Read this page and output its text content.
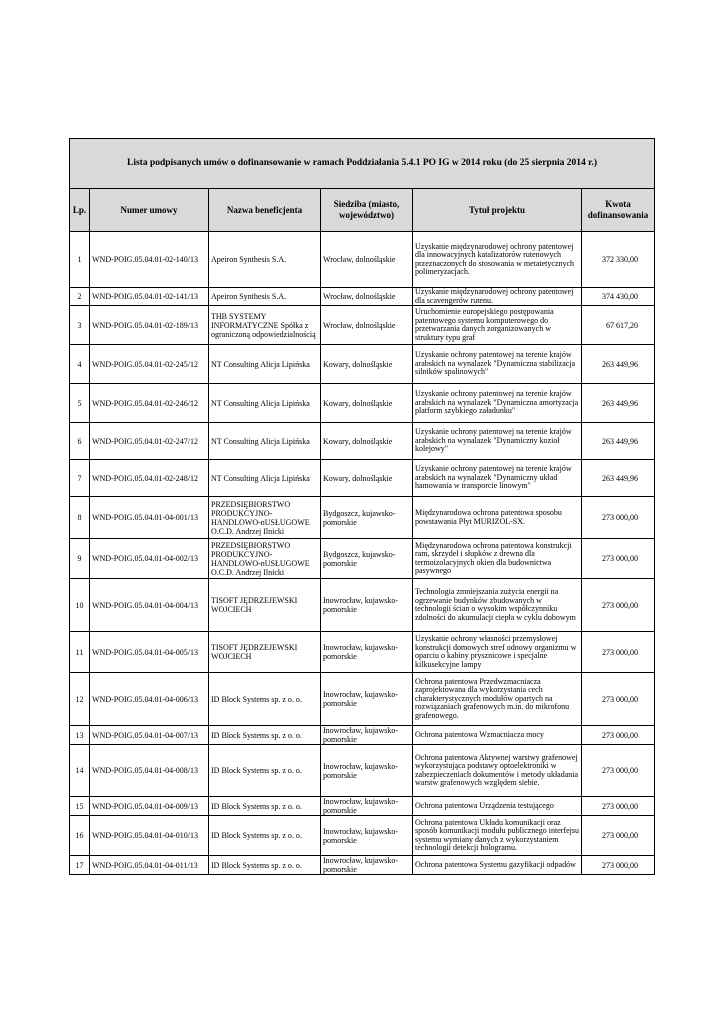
Lista podpisanych umów o dofinansowanie w ramach Poddziałania 5.4.1 PO IG w 2014 roku (do 25 sierpnia 2014 r.)					
Lp.	Numer umowy	Nazwa beneficjenta	Siedziba (miasto, województwo)	Tytuł projektu	Kwota dofinansowania
1	WND-POIG.05.04.01-02-140/13	Apeiron Synthesis S.A.	Wrocław, dolnośląskie	Uzyskanie międzynarodowej ochrony patentowej dla innowacyjnych katalizatorów rutenowych przeznaczonych do stosowania w metatetycznych polimeryzacjach.	372 330,00
2	WND-POIG.05.04.01-02-141/13	Apeiron Synthesis S.A.	Wrocław, dolnośląskie	Uzyskanie międzynarodowej ochrony patentowej dla scavengerów rutenu.	374 430,00
3	WND-POIG.05.04.01-02-189/13	THB SYSTEMY INFORMATYCZNE Spółka z ograniczoną odpowiedzialnością	Wrocław, dolnośląskie	Uruchomienie europejskiego postępowania patentowego systemu komputerowego do przetwarzania danych zorganizowanych w struktury typu graf	67 617,20
4	WND-POIG.05.04.01-02-245/12	NT Consulting Alicja Lipińska	Kowary, dolnośląskie	Uzyskanie ochrony patentowej na terenie krajów arabskich na wynalazek "Dynamiczna stabilizacja silników spalinowych"	263 449,96
5	WND-POIG.05.04.01-02-246/12	NT Consulting Alicja Lipińska	Kowary, dolnośląskie	Uzyskanie ochrony patentowej na terenie krajów arabskich na wynalazek "Dynamiczna amortyzacja platform szybkiego załadunku"	263 449,96
6	WND-POIG.05.04.01-02-247/12	NT Consulting Alicja Lipińska	Kowary, dolnośląskie	Uzyskanie ochrony patentowej na terenie krajów arabskich na wynalazek "Dynamiczny kozioł kolejowy"	263 449,96
7	WND-POIG.05.04.01-02-248/12	NT Consulting Alicja Lipińska	Kowary, dolnośląskie	Uzyskanie ochrony patentowej na terenie krajów arabskich na wynalazek "Dynamiczny układ hamowania w transporcie linowym"	263 449,96
8	WND-POIG.05.04.01-04-001/13	PRZEDSIĘBIORSTWO PRODUKCYJNO-HANDLOWO-nUSŁUGOWE O.C.D. Andrzej Ilnicki	Bydgoszcz, kujawsko-pomorskie	Międzynarodowa ochrona patentowa sposobu powstawania Płyt MURIZOL-SX.	273 000,00
9	WND-POIG.05.04.01-04-002/13	PRZEDSIĘBIORSTWO PRODUKCYJNO-HANDLOWO-nUSŁUGOWE O.C.D. Andrzej Ilnicki	Bydgoszcz, kujawsko-pomorskie	Międzynarodowa ochrona patentowa konstrukcji ram, skrzydeł i słupków z drewna dla termoizolacyjnych okien dla budownictwa pasywnego	273 000,00
10	WND-POIG.05.04.01-04-004/13	TISOFT JĘDRZEJEWSKI WOJCIECH	Inowrocław, kujawsko-pomorskie	Technologia zmniejszania zużycia energii na ogrzewanie budynków zbudowanych w technologii ścian o wysokim współczynniku zdolności do akumulacji ciepła w cyklu dobowym	273 000,00
11	WND-POIG.05.04.01-04-005/13	TISOFT JĘDRZEJEWSKI WOJCIECH	Inowrocław, kujawsko-pomorskie	Uzyskanie ochrony własności przemysłowej konstrukcji domowych stref odnowy organizmu w oparciu o kabiny prysznicowe i specjalne kilkusekcyjne lampy	273 000,00
12	WND-POIG.05.04.01-04-006/13	ID Block Systems sp. z o. o.	Inowrocław, kujawsko-pomorskie	Ochrona patentowa Przedwzmacniacza zaprojektowana dla wykorzystania cech charakterystycznych modułów opartych na rozwiązaniach grafenowych m.in. do mikrofonu grafenowego.	273 000,00
13	WND-POIG.05.04.01-04-007/13	ID Block Systems sp. z o. o.	Inowrocław, kujawsko-pomorskie	Ochrona patentowa Wzmacniacza mocy	273 000,00
14	WND-POIG.05.04.01-04-008/13	ID Block Systems sp. z o. o.	Inowrocław, kujawsko-pomorskie	Ochrona patentowa Aktywnej warstwy grafenowej wykorzystująca podstawy optoelektroniki w zabezpieczeniach dokumentów i metody układania warstw grafenowych względem siebie.	273 000,00
15	WND-POIG.05.04.01-04-009/13	ID Block Systems sp. z o. o.	Inowrocław, kujawsko-pomorskie	Ochrona patentowa Urządzenia testującego	273 000,00
16	WND-POIG.05.04.01-04-010/13	ID Block Systems sp. z o. o.	Inowrocław, kujawsko-pomorskie	Ochrona patentowa Układu komunikacji oraz sposób komunikacji modułu publicznego interfejsu systemu wymiany danych z wykorzystaniem technologii detekcji hologramu.	273 000,00
17	WND-POIG.05.04.01-04-011/13	ID Block Systems sp. z o. o.	Inowrocław, kujawsko-pomorskie	Ochrona patentowa Systemu gazyfikacji odpadów	273 000,00
